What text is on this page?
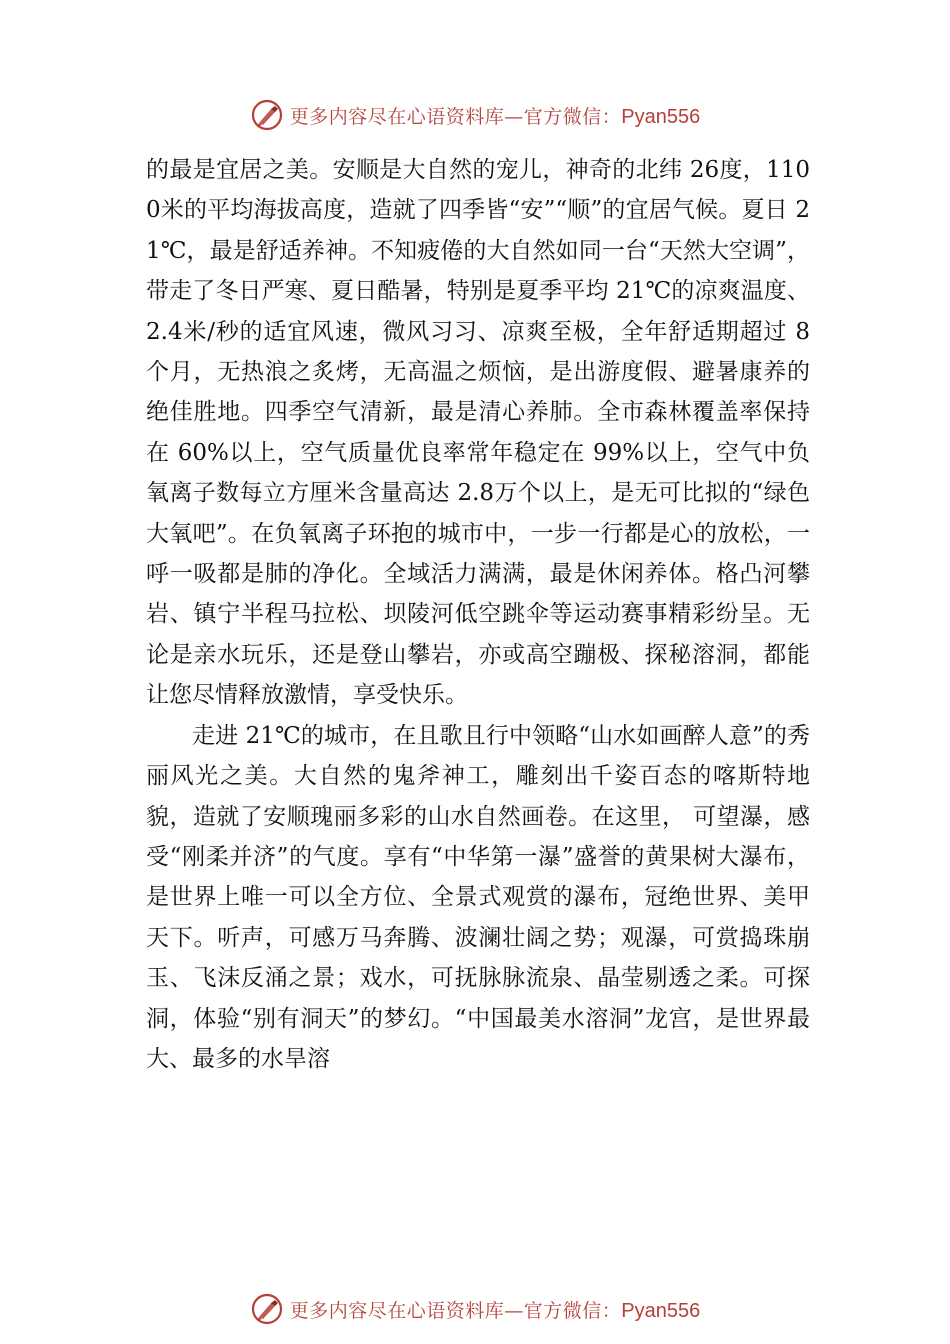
更多内容尽在心语资料库—官方微信：Pyan556

的最是宜居之美。安顺是大自然的宠儿，神奇的北纬 26度，1100米的平均海拔高度，造就了四季皆“安”“顺”的宜居气候。夏日 21℃，最是舒适养神。不知疲倦的大自然如同一台“天然大空调”，带走了冬日严寒、夏日酷暑，特别是夏季平均 21℃的凉爽温度、2.4米/秒的适宜风速，微风习习、凉爽至极，全年舒适期超过 8个月，无热浪之炙烤，无高温之烦恼，是出游度假、避暑康养的绝佳胜地。四季空气清新，最是清心养肺。全市森林覆盖率保持在 60%以上，空气质量优良率常年稳定在 99%以上，空气中负氧离子数每立方厘米含量高达 2.8万个以上，是无可比拟的“绿色大氧吧”。在负氧离子环抱的城市中，一步一行都是心的放松，一呼一吸都是肺的净化。全域活力满满，最是休闲养体。格凸河攀岩、镇宁半程马拉松、坝陵河低空跳伞等运动赛事精彩纷呈。无论是亲水玩乐，还是登山攀岩，亦或高空蹦极、探秘溶洞，都能让您尽情释放激情，享受快乐。

走进 21℃的城市，在且歌且行中领略“山水如画醉人意”的秀丽风光之美。大自然的鬼斧神工，雕刻出千姿百态的喀斯特地貌，造就了安顺瑰丽多彩的山水自然画卷。在这里， 可望瀑，感受“刚柔并济”的气度。享有“中华第一瀑”盛誉的黄果树大瀑布，是世界上唯一可以全方位、全景式观赏的瀑布，冠绝世界、美甲天下。听声，可感万马奔腾、波澜壮阔之势；观瀑，可赏捣珠崩玉、飞沫反涌之景；戏水，可抚脉脉流泉、晶莹剔透之柔。可探洞，体验“别有洞天”的梦幻。“中国最美水溶洞”龙宫，是世界最大、最多的水旱溶

更多内容尽在心语资料库—官方微信：Pyan556
